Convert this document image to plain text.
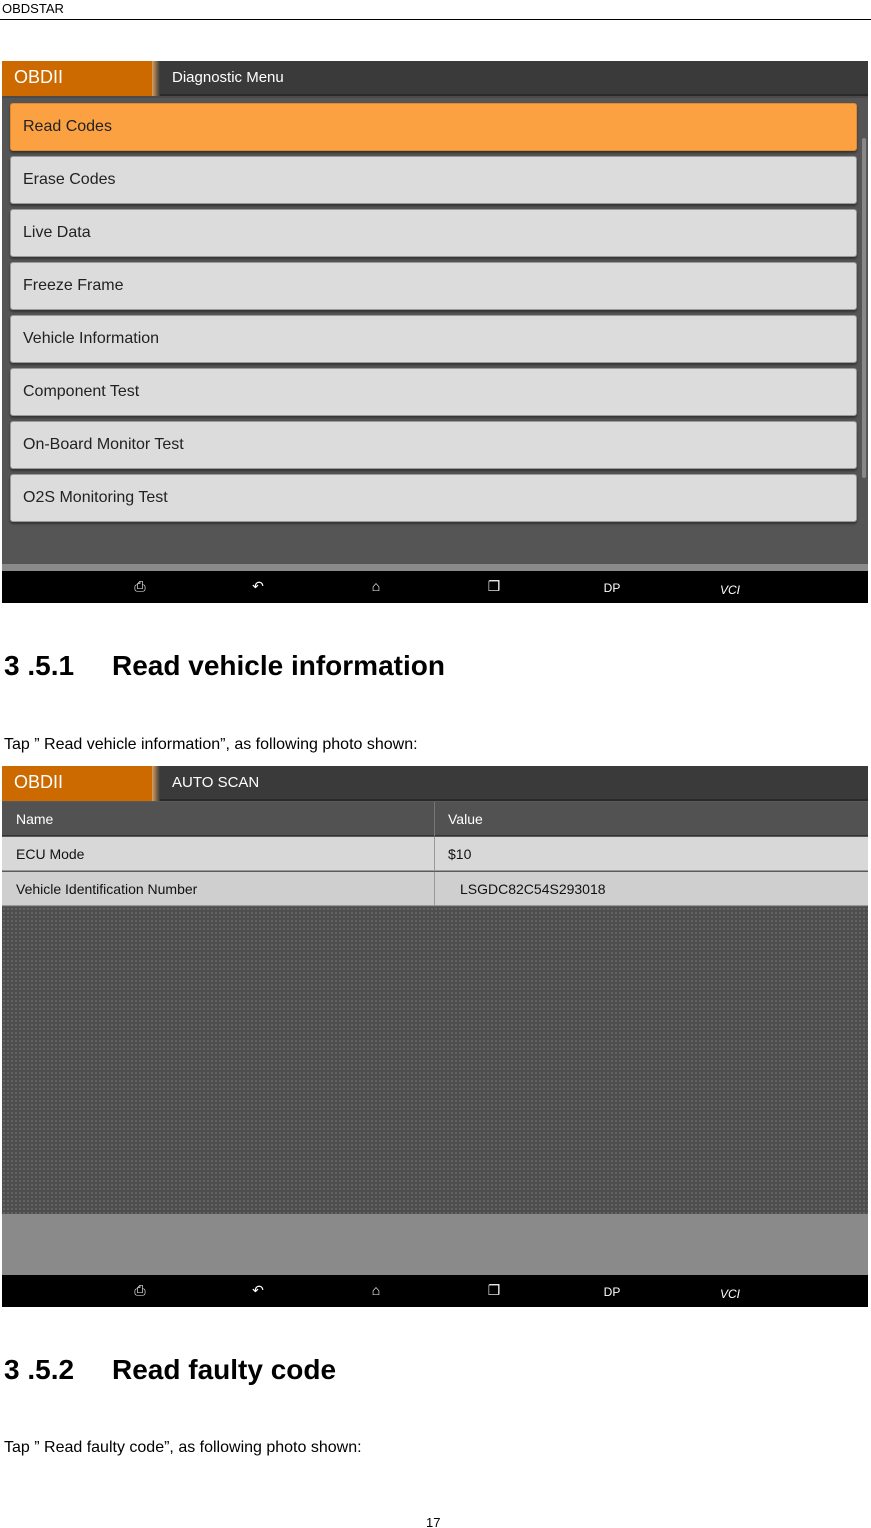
OBDSTAR
OBDII	Diagnostic Menu
Read Codes
Erase Codes
Live Data
Freeze Frame
Vehicle Information
Component Test
On-Board Monitor Test
O2S Monitoring Test
⎙	↶	⌂	❐	DP	VCI
3 .5.1 Read vehicle information
Tap ” Read vehicle information”, as following photo shown:
OBDII	AUTO SCAN
Name	Value
ECU Mode	$10
Vehicle Identification Number	LSGDC82C54S293018
⎙	↶	⌂	❐	DP	VCI
3 .5.2 Read faulty code
Tap ” Read faulty code”, as following photo shown:
17
